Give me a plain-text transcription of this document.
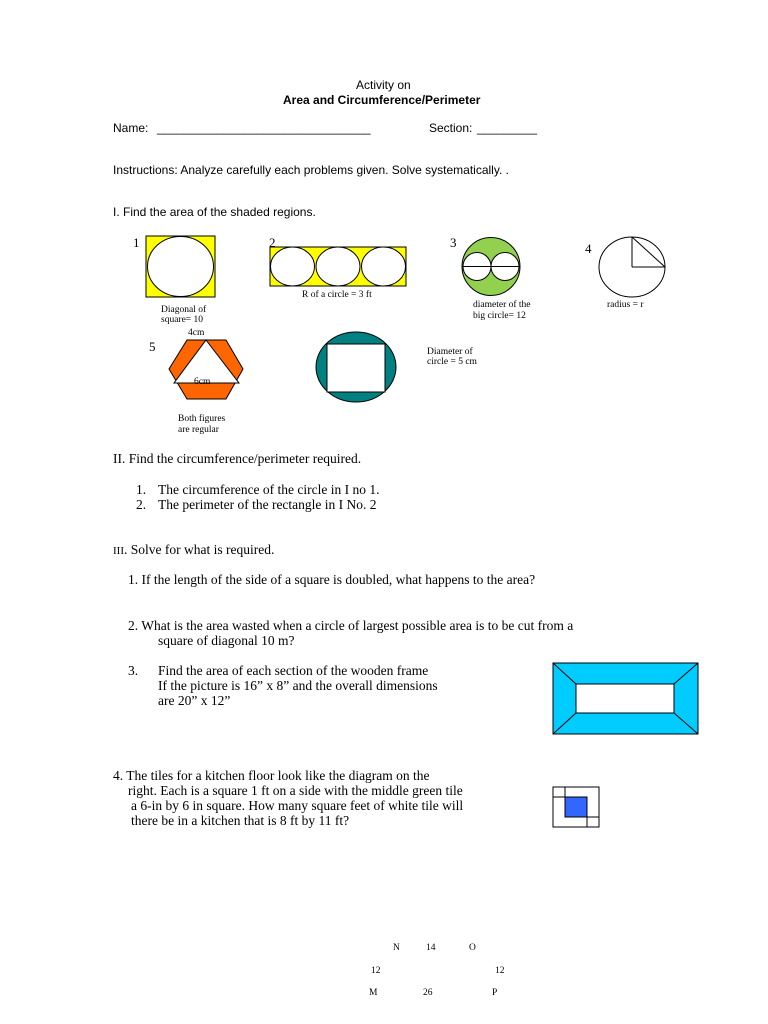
Activity on
Area and Circumference/Perimeter
Name: ________________________________	Section: _________
Instructions: Analyze carefully each problems given. Solve systematically. .
I. Find the area of the shaded regions.
1	2	3	4
5
Diagonal of
square= 10
R of a circle = 3 ft
diameter of the
big circle= 12
radius = r
4cm
6cm
Both figures
are regular
Diameter of
circle = 5 cm
II. Find the circumference/perimeter required.
1. The circumference of the circle in I no 1.
2. The perimeter of the rectangle in I No. 2
III. Solve for what is required.
1. If the length of the side of a square is doubled, what happens to the area?
2. What is the area wasted when a circle of largest possible area is to be cut from a
square of diagonal 10 m?
3. Find the area of each section of the wooden frame
If the picture is 16” x 8” and the overall dimensions
are 20” x 12”
4. The tiles for a kitchen floor look like the diagram on the
right. Each is a square 1 ft on a side with the middle green tile
a 6-in by 6 in square. How many square feet of white tile will
there be in a kitchen that is 8 ft by 11 ft?
N	14	O
12	12
M	26	P
